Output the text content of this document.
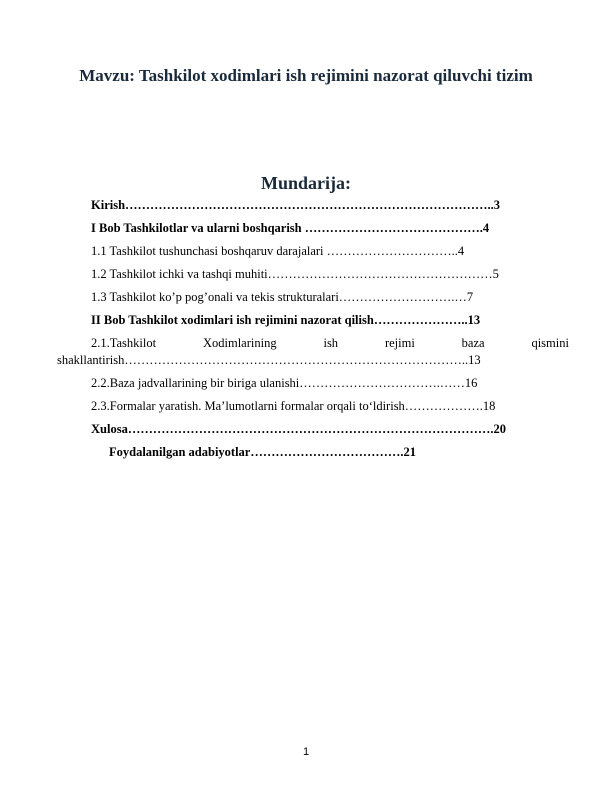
Mavzu: Tashkilot xodimlari ish rejimini nazorat qiluvchi tizim
Mundarija:
Kirish……………………………………………………………………………..3
I Bob Tashkilotlar va ularni boshqarish …………………………………….4
1.1 Tashkilot tushunchasi boshqaruv darajalari …………………………..4
1.2 Tashkilot ichki va tashqi muhiti………………………………………………5
1.3 Tashkilot ko’p pog’onali va tekis strukturalari……………………….…7
II Bob Tashkilot xodimlari ish rejimini nazorat qilish…………………..13
2.1.Tashkilot	Xodimlarining	ish	rejimi	baza	qismini
shakllantirish………………………………………………………………………..13
2.2.Baza jadvallarining bir biriga ulanishi…………………………….……16
2.3.Formalar yaratish. Ma’lumotlarni formalar orqali to‘ldirish……………….18
Xulosa…………………………………………………………………………….20
Foydalanilgan adabiyotlar……………………………….21
1
